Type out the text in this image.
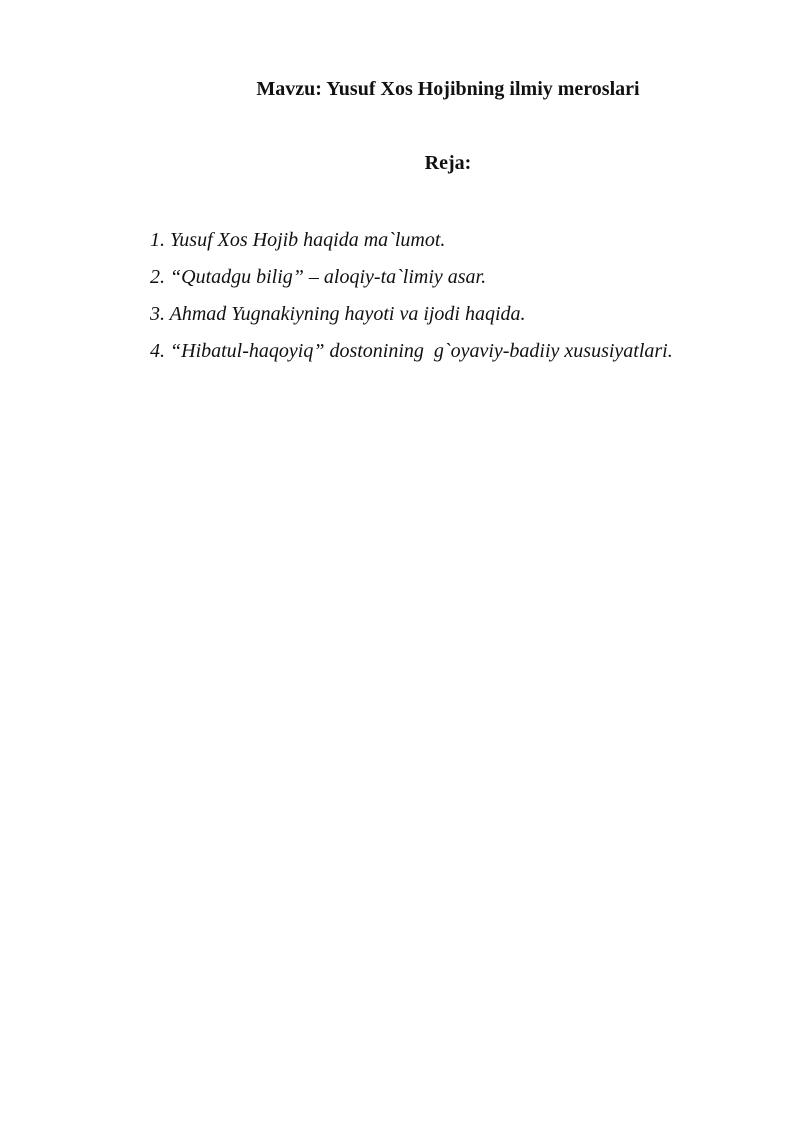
Mavzu: Yusuf Xos Hojibning ilmiy meroslari
Reja:
1. Yusuf Xos Hojib haqida ma`lumot.
2. “Qutadgu bilig” – aloqiy-ta`limiy asar.
3. Ahmad Yugnakiyning hayoti va ijodi haqida.
4. “Hibatul-haqoyiq” dostonining  g`oyaviy-badiiy xususiyatlari.
